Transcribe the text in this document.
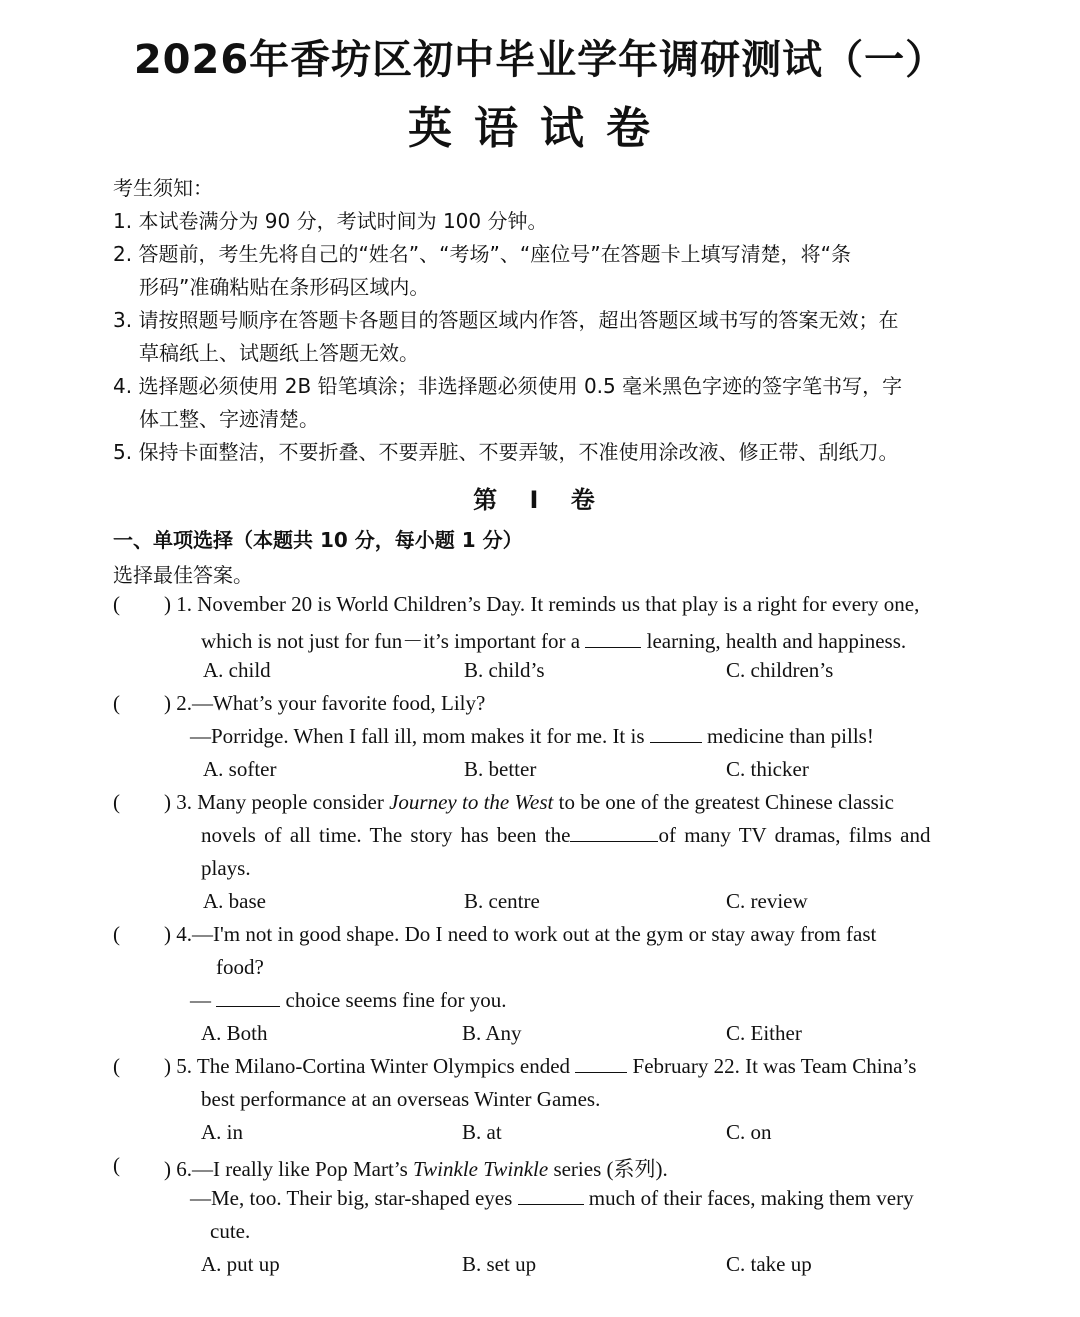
2026年香坊区初中毕业学年调研测试（一）
英语试卷
考生须知：
1. 本试卷满分为 90 分，考试时间为 100 分钟。
2. 答题前，考生先将自己的“姓名”、“考场”、“座位号”在答题卡上填写清楚，将“条
形码”准确粘贴在条形码区域内。
3. 请按照题号顺序在答题卡各题目的答题区域内作答，超出答题区域书写的答案无效；在
草稿纸上、试题纸上答题无效。
4. 选择题必须使用 2B 铅笔填涂；非选择题必须使用 0.5 毫米黑色字迹的签字笔书写，字
体工整、字迹清楚。
5. 保持卡面整洁，不要折叠、不要弄脏、不要弄皱，不准使用涂改液、修正带、刮纸刀。
第 I 卷
一、单项选择（本题共 10 分，每小题 1 分）
选择最佳答案。
( ) 1. November 20 is World Children’s Day. It reminds us that play is a right for every one,
which is not just for fun－it’s important for a	learning, health and happiness.
A. child	B. child’s	C. children’s
( ) 2.—What’s your favorite food, Lily?
—Porridge. When I fall ill, mom makes it for me. It is	medicine than pills!
A. softer	B. better	C. thicker
( ) 3. Many people consider Journey to the West to be one of the greatest Chinese classic
novels of all time. The story has been the	of many TV dramas, films and
plays.
A. base	B. centre	C. review
( ) 4.—I'm not in good shape. Do I need to work out at the gym or stay away from fast
food?
—	choice seems fine for you.
A. Both	B. Any	C. Either
( ) 5. The Milano-Cortina Winter Olympics ended	February 22. It was Team China’s
best performance at an overseas Winter Games.
A. in	B. at	C. on
( ) 6.—I really like Pop Mart’s Twinkle Twinkle series (系列).
—Me, too. Their big, star-shaped eyes	much of their faces, making them very
cute.
A. put up	B. set up	C. take up
